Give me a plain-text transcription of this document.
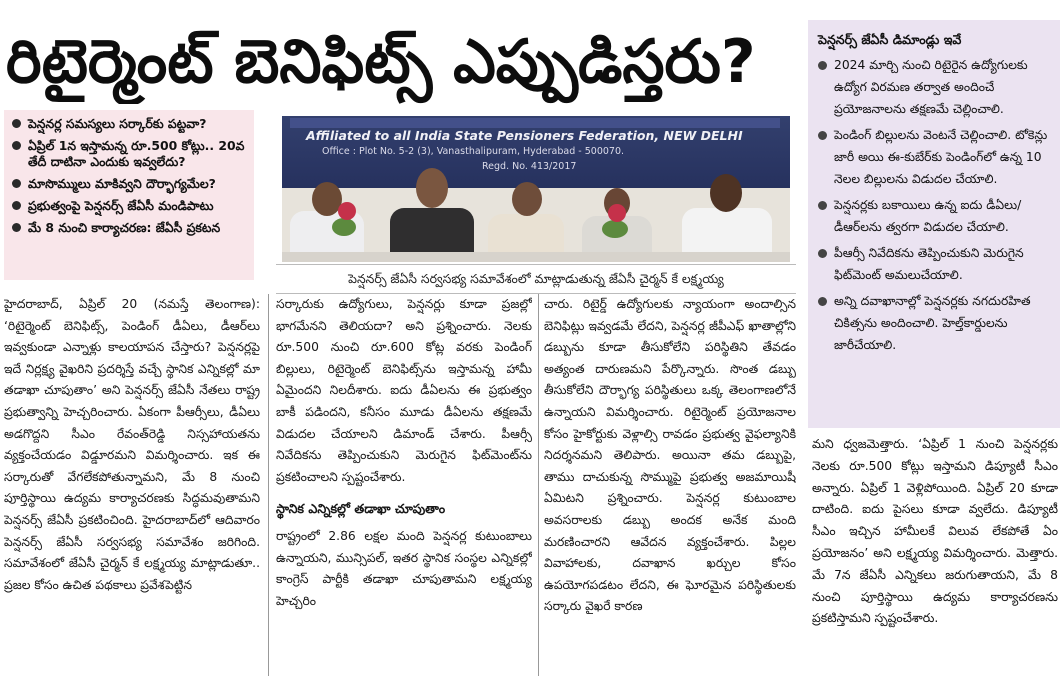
రిటైర్మెంట్ బెనిఫిట్స్ ఎప్పుడిస్తరు?
పెన్షనర్ల సమస్యలు సర్కార్‌కు పట్టవా?
ఏప్రిల్ 1న ఇస్తామన్న రూ.500 కోట్లు.. 20వ తేదీ దాటినా ఎందుకు ఇవ్వలేదు?
మాసొమ్ములు మాకివ్వని దౌర్భాగ్యమేల?
ప్రభుత్వంపై పెన్షనర్స్ జేఏసీ మండిపాటు
మే 8 నుంచి కార్యాచరణ: జేఏసీ ప్రకటన
Affiliated to all India State Pensioners Federation, NEW DELHI
Office : Plot No. 5-2 (3), Vanasthalipuram, Hyderabad - 500070.
Regd. No. 413/2017
పెన్షనర్స్ జేఏసీ సర్వసభ్య సమావేశంలో మాట్లాడుతున్న జేఏసీ చైర్మన్ కే లక్ష్మయ్య

హైదరాబాద్, ఏప్రిల్ 20 (నమస్తే తెలంగాణ): ‘రిటైర్మెంట్ బెనిఫిట్స్, పెండింగ్ డీఏలు, డీఆర్‌లు ఇవ్వకుండా ఎన్నాళ్లు కాలయాపన చేస్తారు? పెన్షనర్లపై ఇదే నిర్లక్ష్య వైఖరిని ప్రదర్శిస్తే వచ్చే స్థానిక ఎన్నికల్లో మా తడాఖా చూపుతాం’ అని పెన్షనర్స్ జేఏసీ నేతలు రాష్ట్ర ప్రభుత్వాన్ని హెచ్చరించారు. ఏకంగా పీఆర్సీలు, డీఏలు అడగొద్దని సీఎం రేవంత్‌రెడ్డి నిస్సహాయతను వ్యక్తంచేయడం విడ్డూరమని విమర్శించారు. ఇక ఈ సర్కారుతో వేగలేకపోతున్నామని, మే 8 నుంచి పూర్తిస్థాయి ఉద్యమ కార్యాచరణకు సిద్ధమవుతామని పెన్షనర్స్ జేఏసీ ప్రకటించింది. హైదరాబాద్‌లో ఆదివారం పెన్షనర్స్ జేఏసీ సర్వసభ్య సమావేశం జరిగింది. సమావేశంలో జేఏసీ చైర్మన్ కే లక్ష్మయ్య మాట్లాడుతూ.. ప్రజల కోసం ఉచిత పథకాలు ప్రవేశపెట్టిన

సర్కారుకు ఉద్యోగులు, పెన్షనర్లు కూడా ప్రజల్లో భాగమేనని తెలియదా? అని ప్రశ్నించారు. నెలకు రూ.500 నుంచి రూ.600 కోట్ల వరకు పెండింగ్ బిల్లులు, రిటైర్మెంట్ బెనిఫిట్స్‌ను ఇస్తామన్న హామీ ఏమైందని నిలదీశారు. ఐదు డీఏలను ఈ ప్రభుత్వం బాకీ పడిందని, కనీసం మూడు డీఏలను తక్షణమే విడుదల చేయాలని డిమాండ్ చేశారు. పీఆర్సీ నివేదికను తెప్పించుకుని మెరుగైన ఫిట్‌మెంట్‌ను ప్రకటించాలని స్పష్టంచేశారు.

స్థానిక ఎన్నికల్లో తడాఖా చూపుతాం

రాష్ట్రంలో 2.86 లక్షల మంది పెన్షనర్ల కుటుంబాలు ఉన్నాయని, మున్సిపల్, ఇతర స్థానిక సంస్థల ఎన్నికల్లో కాంగ్రెస్ పార్టీకి తడాఖా చూపుతామని లక్ష్మయ్య హెచ్చరిం

చారు. రిటైర్డ్ ఉద్యోగులకు న్యాయంగా అందాల్సిన బెనిఫిట్లు ఇవ్వడమే లేదని, పెన్షనర్ల జీపీఎఫ్ ఖాతాల్లోని డబ్బును కూడా తీసుకోలేని పరిస్థితిని తేవడం అత్యంత దారుణమని పేర్కొన్నారు. సొంత డబ్బు తీసుకోలేని దౌర్భాగ్య పరిస్థితులు ఒక్క తెలంగాణలోనే ఉన్నాయని విమర్శించారు. రిటైర్మెంట్ ప్రయోజనాల కోసం హైకోర్టుకు వెళ్లాల్సి రావడం ప్రభుత్వ వైఫల్యానికి నిదర్శనమని తెలిపారు. అయినా తమ డబ్బుపై, తాము దాచుకున్న సొమ్ముపై ప్రభుత్వ అజమాయిషీ ఏమిటని ప్రశ్నించారు. పెన్షనర్ల కుటుంబాల అవసరాలకు డబ్బు అందక అనేక మంది మరణించారని ఆవేదన వ్యక్తంచేశారు. పిల్లల వివాహాలకు, దవాఖాన ఖర్చుల కోసం ఉపయోగపడటం లేదని, ఈ ఘోరమైన పరిస్థితులకు సర్కారు వైఖరే కారణ

పెన్షనర్స్ జేఏసీ డిమాండ్లు ఇవే
2024 మార్చి నుంచి రిటైరైన ఉద్యోగులకు ఉద్యోగ విరమణ తర్వాత అందించే ప్రయోజనాలను తక్షణమే చెల్లించాలి.
పెండింగ్ బిల్లులను వెంటనే చెల్లించాలి. టోకెన్లు జారీ అయి ఈ-కుబేర్‌కు పెండింగ్‌లో ఉన్న 10 నెలల బిల్లులను విడుదల చేయాలి.
పెన్షనర్లకు బకాయిలు ఉన్న ఐదు డీఏలు/డీఆర్‌లను త్వరగా విడుదల చేయాలి.
పీఆర్సీ నివేదికను తెప్పించుకుని మెరుగైన ఫిట్‌మెంట్ అమలుచేయాలి.
అన్ని దవాఖానాల్లో పెన్షనర్లకు నగదురహిత చికిత్సను అందించాలి. హెల్త్‌కార్డులను జారీచేయాలి.

మని ధ్వజమెత్తారు. ‘ఏప్రిల్ 1 నుంచి పెన్షనర్లకు నెలకు రూ.500 కోట్లు ఇస్తామని డిప్యూటీ సీఎం అన్నారు. ఏప్రిల్ 1 వెళ్లిపోయింది. ఏప్రిల్ 20 కూడా దాటింది. ఐదు పైసలు కూడా వ్వలేదు. డిప్యూటీ సీఎం ఇచ్చిన హామీలకే విలువ లేకపోతే ఏం ప్రయోజనం’ అని లక్ష్మయ్య విమర్శించారు. మెత్తారు. మే 7న జేఏసీ ఎన్నికలు జరుగుతాయని, మే 8 నుంచి పూర్తిస్థాయి ఉద్యమ కార్యాచరణను ప్రకటిస్తామని స్పష్టంచేశారు.
